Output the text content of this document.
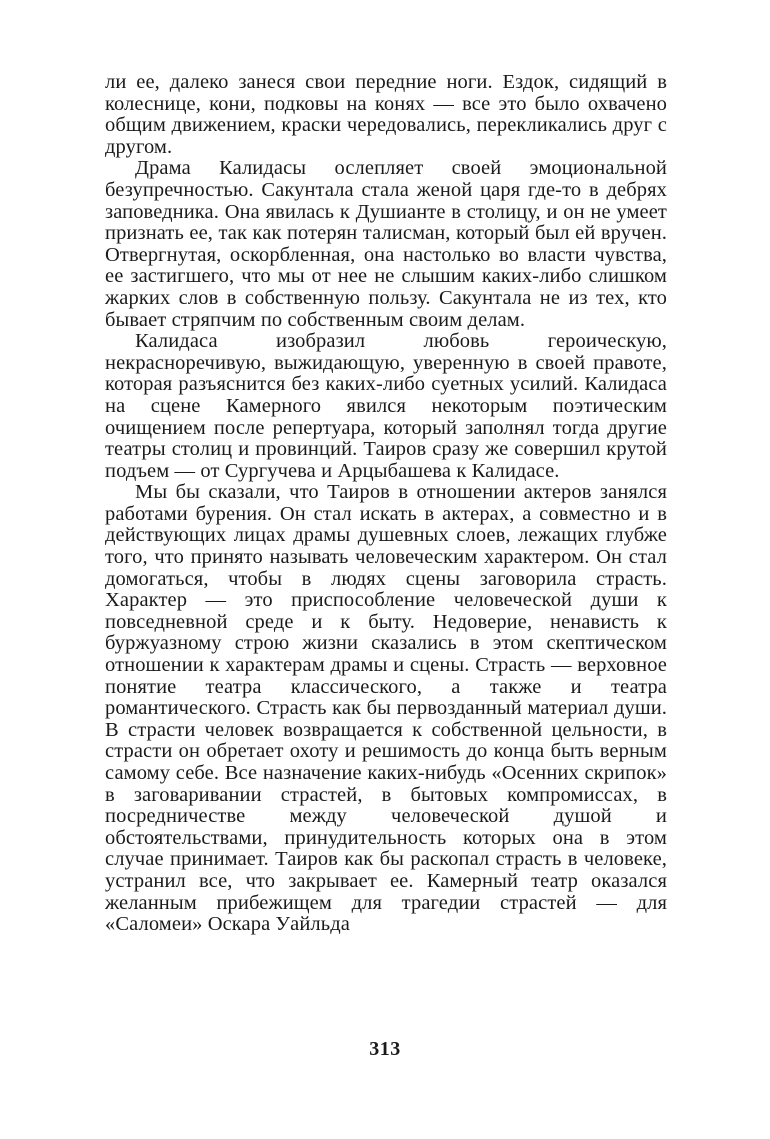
ли ее, далеко занеся свои передние ноги. Ездок, сидящий в колеснице, кони, подковы на конях — все это было охвачено общим движением, краски чередовались, перекликались друг с другом.

Драма Калидасы ослепляет своей эмоциональной безупречностью. Сакунтала стала женой царя где-то в дебрях заповедника. Она явилась к Душианте в столицу, и он не умеет признать ее, так как потерян талисман, который был ей вручен. Отвергнутая, оскорбленная, она настолько во власти чувства, ее застигшего, что мы от нее не слышим каких-либо слишком жарких слов в собственную пользу. Сакунтала не из тех, кто бывает стряпчим по собственным своим делам.

Калидаса изобразил любовь героическую, некрасноречивую, выжидающую, уверенную в своей правоте, которая разъяснится без каких-либо суетных усилий. Калидаса на сцене Камерного явился некоторым поэтическим очищением после репертуара, который заполнял тогда другие театры столиц и провинций. Таиров сразу же совершил крутой подъем — от Сургучева и Арцыбашева к Калидасе.

Мы бы сказали, что Таиров в отношении актеров занялся работами бурения. Он стал искать в актерах, а совместно и в действующих лицах драмы душевных слоев, лежащих глубже того, что принято называть человеческим характером. Он стал домогаться, чтобы в людях сцены заговорила страсть. Характер — это приспособление человеческой души к повседневной среде и к быту. Недоверие, ненависть к буржуазному строю жизни сказались в этом скептическом отношении к характерам драмы и сцены. Страсть — верховное понятие театра классического, а также и театра романтического. Страсть как бы первозданный материал души. В страсти человек возвращается к собственной цельности, в страсти он обретает охоту и решимость до конца быть верным самому себе. Все назначение каких-нибудь «Осенних скрипок» в заговаривании страстей, в бытовых компромиссах, в посредничестве между человеческой душой и обстоятельствами, принудительность которых она в этом случае принимает. Таиров как бы раскопал страсть в человеке, устранил все, что закрывает ее. Камерный театр оказался желанным прибежищем для трагедии страстей — для «Саломеи» Оскара Уайльда

313
